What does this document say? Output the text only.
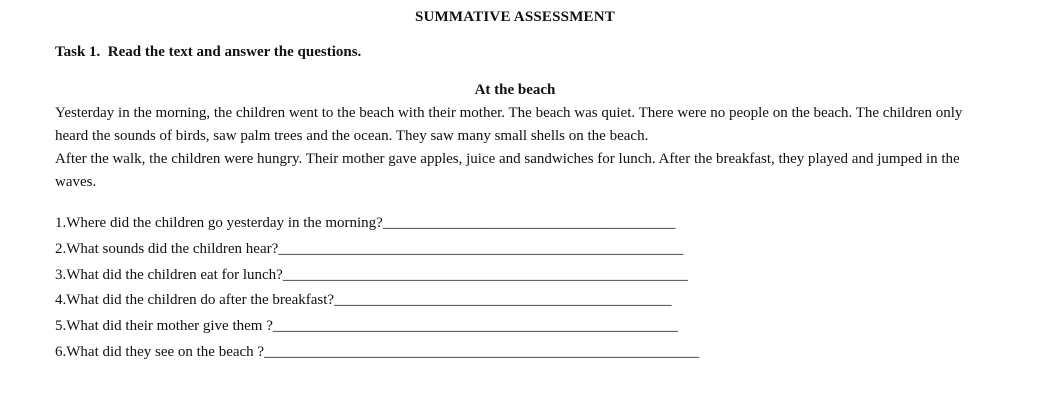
SUMMATIVE ASSESSMENT
Task 1.  Read the text and answer the questions.
At the beach

Yesterday in the morning, the children went to the beach with their mother. The beach was quiet. There were no people on the beach. The children only heard the sounds of birds, saw palm trees and the ocean. They saw many small shells on the beach.

After the walk, the children were hungry. Their mother gave apples, juice and sandwiches for lunch. After the breakfast, they played and jumped in the waves.

1.Where did the children go yesterday in the morning?_______________________________________
2.What sounds did the children hear?______________________________________________________
3.What did the children eat for lunch?______________________________________________________
4.What did the children do after the breakfast?_____________________________________________
5.What did their mother give them ?______________________________________________________
6.What did they see on the beach ?__________________________________________________________
